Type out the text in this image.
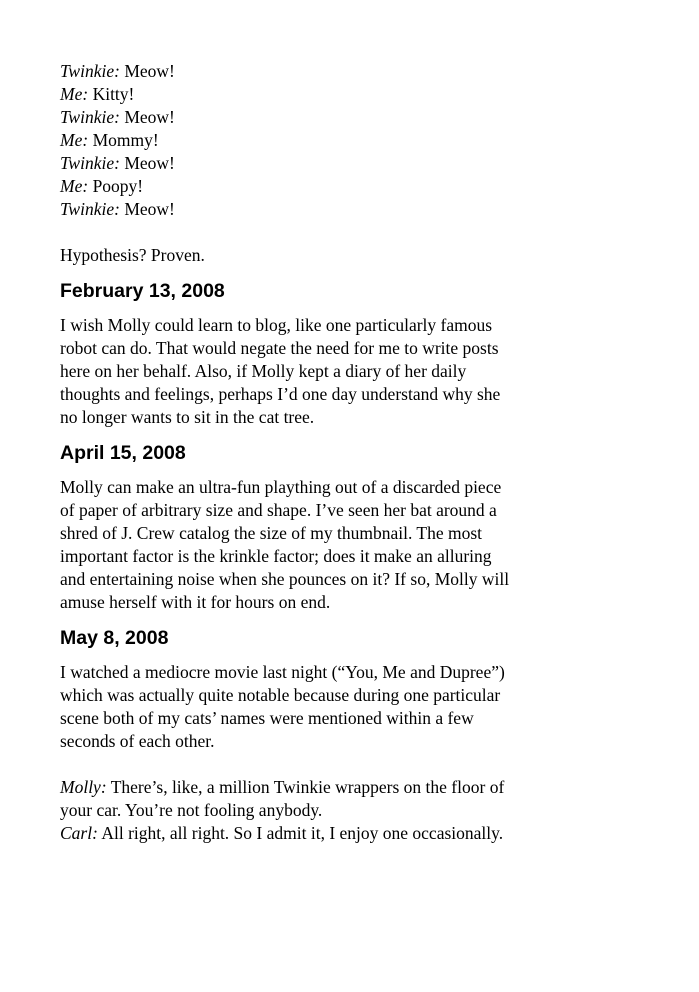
Twinkie: Meow!
Me: Kitty!
Twinkie: Meow!
Me: Mommy!
Twinkie: Meow!
Me: Poopy!
Twinkie: Meow!
Hypothesis? Proven.
February 13, 2008
I wish Molly could learn to blog, like one particularly famous
robot can do. That would negate the need for me to write posts
here on her behalf. Also, if Molly kept a diary of her daily
thoughts and feelings, perhaps I’d one day understand why she
no longer wants to sit in the cat tree.
April 15, 2008
Molly can make an ultra-fun plaything out of a discarded piece
of paper of arbitrary size and shape. I’ve seen her bat around a
shred of J. Crew catalog the size of my thumbnail. The most
important factor is the krinkle factor; does it make an alluring
and entertaining noise when she pounces on it? If so, Molly will
amuse herself with it for hours on end.
May 8, 2008
I watched a mediocre movie last night (“You, Me and Dupree”)
which was actually quite notable because during one particular
scene both of my cats’ names were mentioned within a few
seconds of each other.
Molly: There’s, like, a million Twinkie wrappers on the floor of
your car. You’re not fooling anybody.
Carl: All right, all right. So I admit it, I enjoy one occasionally.
